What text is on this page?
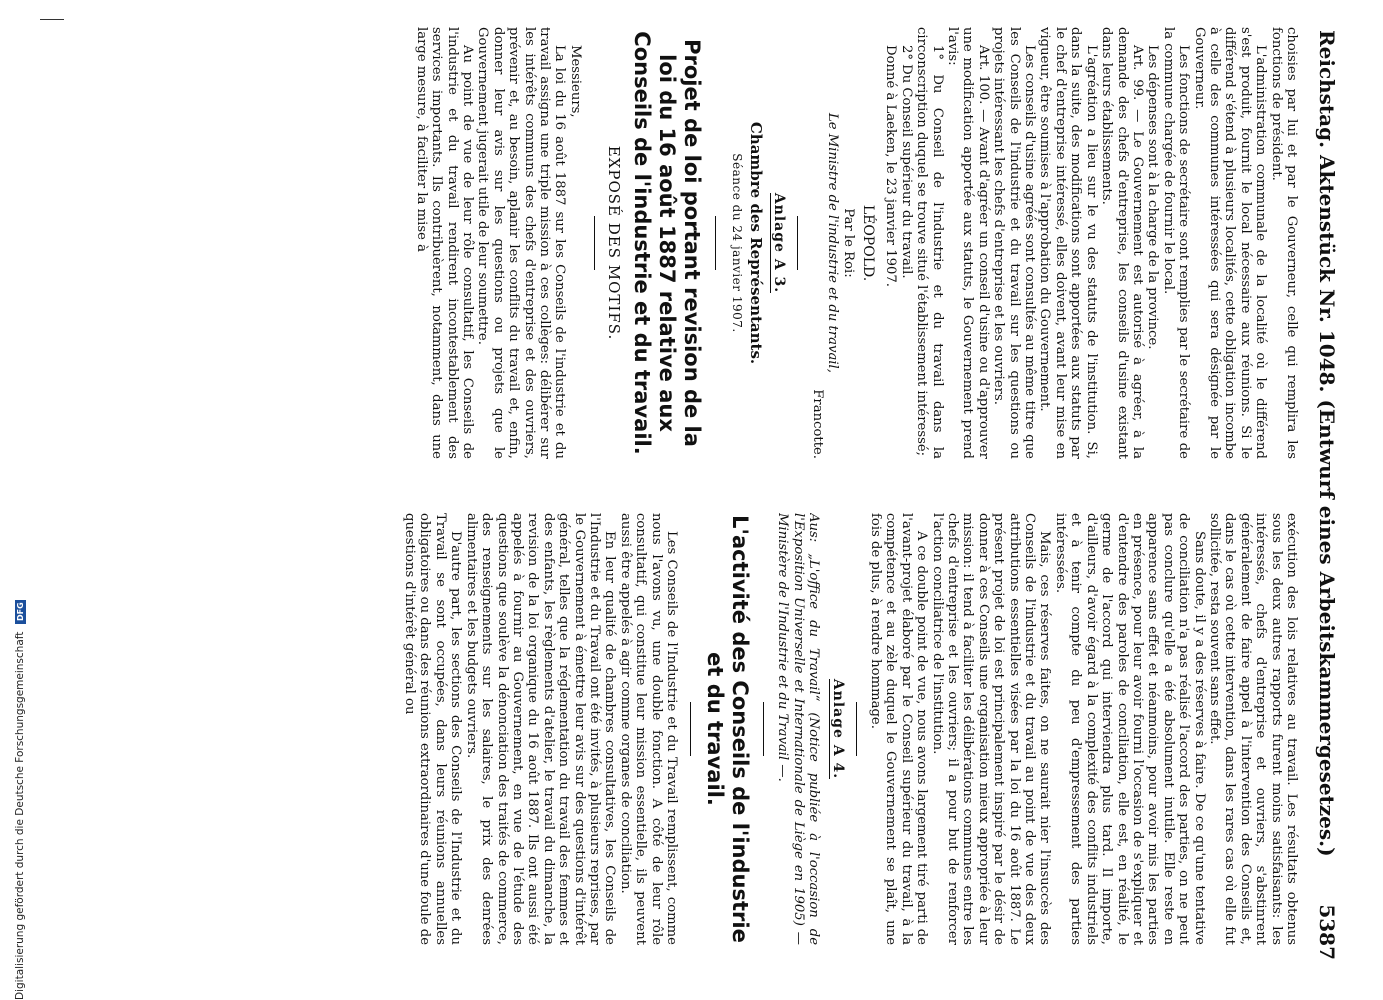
Reichstag. Aktenstück Nr. 1048. (Entwurf eines Arbeitskammergesetzes.)
5387

choisies par lui et par le Gouverneur, celle qui remplira les fonctions de président.

L'administration communale de la localité où le différend s'est produit, fournit le local nécessaire aux réunions. Si le différend s'étend à plusieurs localités, cette obligation incombe à celle des communes intéressées qui sera désignée par le Gouverneur.

Les fonctions de secrétaire sont remplies par le secrétaire de la commune chargée de fournir le local.

Les dépenses sont à la charge de la province.

Art. 99. — Le Gouvernement est autorisé à agréer, à la demande des chefs d'entreprise, les conseils d'usine existant dans leurs établissements.

L'agréation a lieu sur le vu des statuts de l'institution. Si, dans la suite, des modifications sont apportées aux statuts par le chef d'entreprise intéressé, elles doivent, avant leur mise en vigueur, être soumises à l'approbation du Gouvernement.

Les conseils d'usine agréés sont consultés au même titre que les Conseils de l'industrie et du travail sur les questions ou projets intéressant les chefs d'entreprise et les ouvriers.

Art. 100. — Avant d'agréer un conseil d'usine ou d'approuver une modification apportée aux statuts, le Gouvernement prend l'avis:

1° Du Conseil de l'industrie et du travail dans la circonscription duquel se trouve situé l'établissement intéressé;

2° Du Conseil supérieur du travail.

Donné à Laeken, le 23 janvier 1907.

LÉOPOLD.

Par le Roi:

Le Ministre de l'industrie et du travail,

Francotte.

Anlage A 3.

Chambre des Représentants.

Séance du 24 janvier 1907.

Projet de loi portant revision de la loi du 16 août 1887 relative aux Conseils de l'industrie et du travail.

EXPOSÉ DES MOTIFS.

Messieurs,

La loi du 16 août 1887 sur les Conseils de l'industrie et du travail assigna une triple mission à ces collèges: délibérer sur les intérêts communs des chefs d'entreprise et des ouvriers, prévenir et, au besoin, aplanir les conflits du travail et, enfin, donner leur avis sur les questions ou projets que le Gouvernement jugerait utile de leur soumettre.

Au point de vue de leur rôle consultatif, les Conseils de l'industrie et du travail rendirent incontestablement des services importants. Ils contribuèrent, notamment, dans une large mesure, à faciliter la mise à

exécution des lois relatives au travail. Les résultats obtenus sous les deux autres rapports furent moins satisfaisants: les intéressés, chefs d'entreprise et ouvriers, s'abstinrent généralement de faire appel à l'intervention des Conseils et, dans le cas où cette intervention, dans les rares cas où elle fut sollicitée, resta souvent sans effet.

Sans doute, il y a des réserves à faire. De ce qu'une tentative de conciliation n'a pas réalisé l'accord des parties, on ne peut pas conclure qu'elle a été absolument inutile. Elle reste en apparence sans effet et néanmoins, pour avoir mis les parties en présence, pour leur avoir fourni l'occasion de s'expliquer et d'entendre des paroles de conciliation, elle est, en réalité, le germe de l'accord qui interviendra plus tard. Il importe, d'ailleurs, d'avoir égard à la complexité des conflits industriels et à tenir compte du peu d'empressement des parties intéressées.

Mais, ces réserves faites, on ne saurait nier l'insuccès des Conseils de l'industrie et du travail au point de vue des deux attributions essentielles visées par la loi du 16 août 1887. Le présent projet de loi est principalement inspiré par le désir de donner à ces Conseils une organisation mieux appropriée à leur mission: il tend à faciliter les délibérations communes entre les chefs d'entreprise et les ouvriers; il a pour but de renforcer l'action conciliatrice de l'institution.

A ce double point de vue, nous avons largement tiré parti de l'avant-projet élaboré par le Conseil supérieur du travail, à la compétence et au zèle duquel le Gouvernement se plaît, une fois de plus, à rendre hommage.

Anlage A 4.

Aus: „L'office du Travail“ (Notice publiée à l'occasion de l'Exposition Universelle et Internationale de Liège en 1905) — Ministère de l'Industrie et du Travail —.

L'activité des Conseils de l'industrie et du travail.

Les Conseils de l'Industrie et du Travail remplissent, comme nous l'avons vu, une double fonction. A côté de leur rôle consultatif, qui constitue leur mission essentielle, ils peuvent aussi être appelés à agir comme organes de conciliation.

En leur qualité de chambres consultatives, les Conseils de l'Industrie et du Travail ont été invités, à plusieurs reprises, par le Gouvernement à émettre leur avis sur des questions d'intérêt général, telles que la réglementation du travail des femmes et des enfants, les règlements d'atelier, le travail du dimanche, la revision de la loi organique du 16 août 1887. Ils ont aussi été appelés à fournir au Gouvernement, en vue de l'étude des questions que soulève la dénonciation des traités de commerce, des renseignements sur les salaires, le prix des denrées alimentaires et les budgets ouvriers.

D'autre part, les sections des Conseils de l'Industrie et du Travail se sont occupées, dans leurs réunions annuelles obligatoires ou dans des réunions extraordinaires d'une foule de questions d'intérêt général ou

Digitalisierung gefördert durch die Deutsche Forschungsgemeinschaft
DFG
